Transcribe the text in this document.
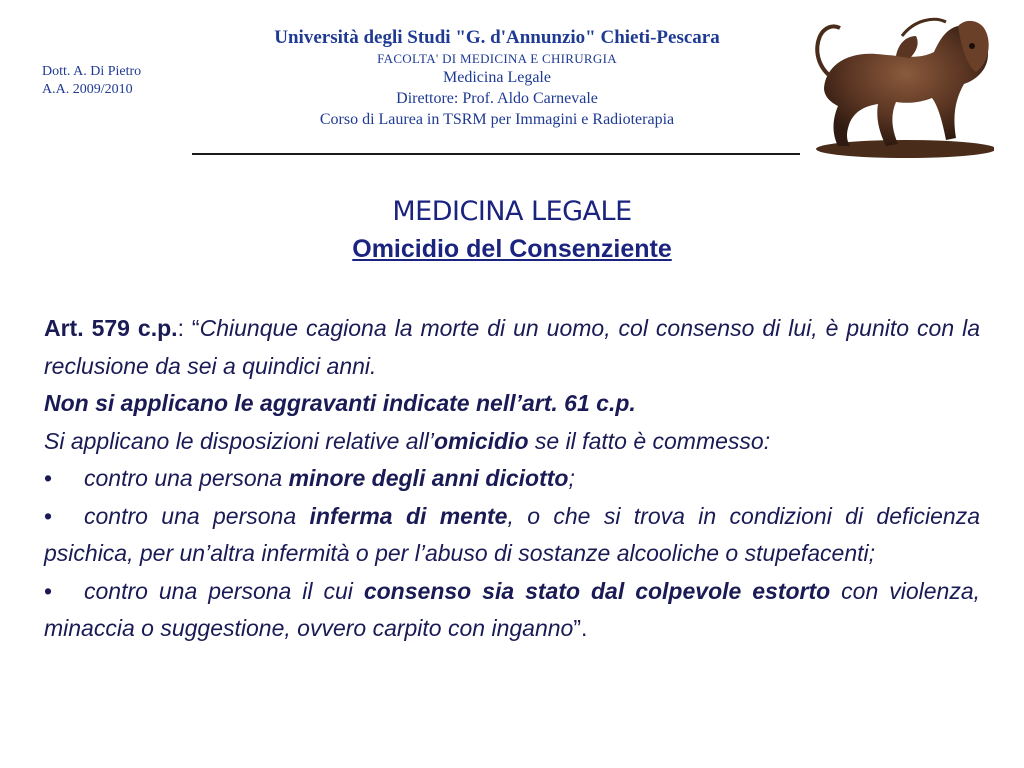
Dott. A. Di Pietro
A.A. 2009/2010
Università degli Studi "G. d'Annunzio" Chieti-Pescara
FACOLTA' DI MEDICINA E CHIRURGIA
Medicina Legale
Direttore: Prof. Aldo Carnevale
Corso di Laurea in TSRM per Immagini e Radioterapia
MEDICINA LEGALE
Omicidio del Consenziente

Art. 579 c.p.: “Chiunque cagiona la morte di un uomo, col consenso di lui, è punito con la reclusione da sei a quindici anni.

Non si applicano le aggravanti indicate nell’art. 61 c.p.

Si applicano le disposizioni relative all’omicidio se il fatto è commesso:

• contro una persona minore degli anni diciotto;

• contro una persona inferma di mente, o che si trova in condizioni di deficienza psichica, per un’altra infermità o per l’abuso di sostanze alcooliche o stupefacenti;

• contro una persona il cui consenso sia stato dal colpevole estorto con violenza, minaccia o suggestione, ovvero carpito con inganno”.
